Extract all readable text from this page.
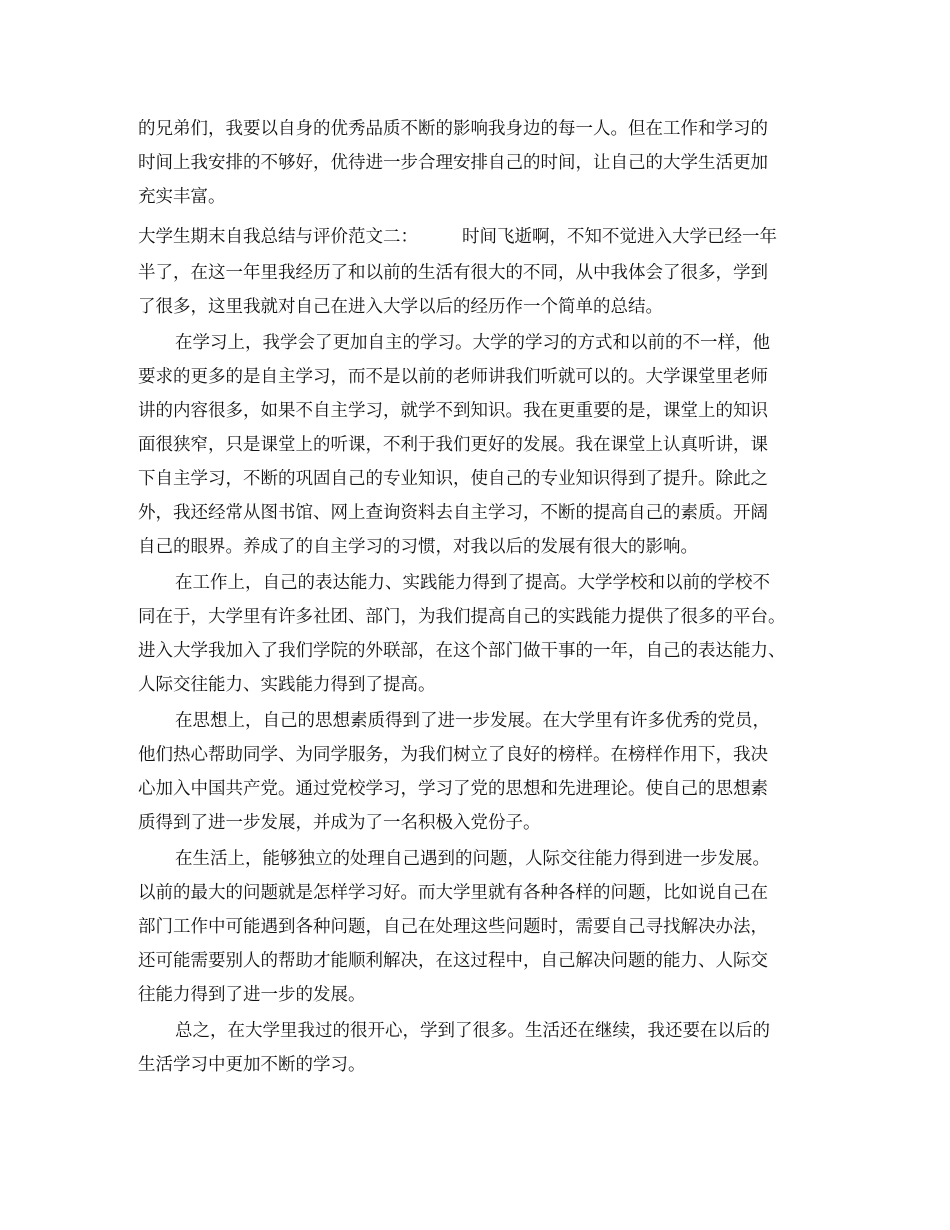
的兄弟们，我要以自身的优秀品质不断的影响我身边的每一人。但在工作和学习的
时间上我安排的不够好，优待进一步合理安排自己的时间，让自己的大学生活更加
充实丰富。
大学生期末自我总结与评价范文二：	时间飞逝啊，不知不觉进入大学已经一年
半了，在这一年里我经历了和以前的生活有很大的不同，从中我体会了很多，学到
了很多，这里我就对自己在进入大学以后的经历作一个简单的总结。
在学习上，我学会了更加自主的学习。大学的学习的方式和以前的不一样，他
要求的更多的是自主学习，而不是以前的老师讲我们听就可以的。大学课堂里老师
讲的内容很多，如果不自主学习，就学不到知识。我在更重要的是，课堂上的知识
面很狭窄，只是课堂上的听课，不利于我们更好的发展。我在课堂上认真听讲，课
下自主学习，不断的巩固自己的专业知识，使自己的专业知识得到了提升。除此之
外，我还经常从图书馆、网上查询资料去自主学习，不断的提高自己的素质。开阔
自己的眼界。养成了的自主学习的习惯，对我以后的发展有很大的影响。
在工作上，自己的表达能力、实践能力得到了提高。大学学校和以前的学校不
同在于，大学里有许多社团、部门，为我们提高自己的实践能力提供了很多的平台。
进入大学我加入了我们学院的外联部，在这个部门做干事的一年，自己的表达能力、
人际交往能力、实践能力得到了提高。
在思想上，自己的思想素质得到了进一步发展。在大学里有许多优秀的党员，
他们热心帮助同学、为同学服务，为我们树立了良好的榜样。在榜样作用下，我决
心加入中国共产党。通过党校学习，学习了党的思想和先进理论。使自己的思想素
质得到了进一步发展，并成为了一名积极入党份子。
在生活上，能够独立的处理自己遇到的问题，人际交往能力得到进一步发展。
以前的最大的问题就是怎样学习好。而大学里就有各种各样的问题，比如说自己在
部门工作中可能遇到各种问题，自己在处理这些问题时，需要自己寻找解决办法，
还可能需要别人的帮助才能顺利解决，在这过程中，自己解决问题的能力、人际交
往能力得到了进一步的发展。
总之，在大学里我过的很开心，学到了很多。生活还在继续，我还要在以后的
生活学习中更加不断的学习。
